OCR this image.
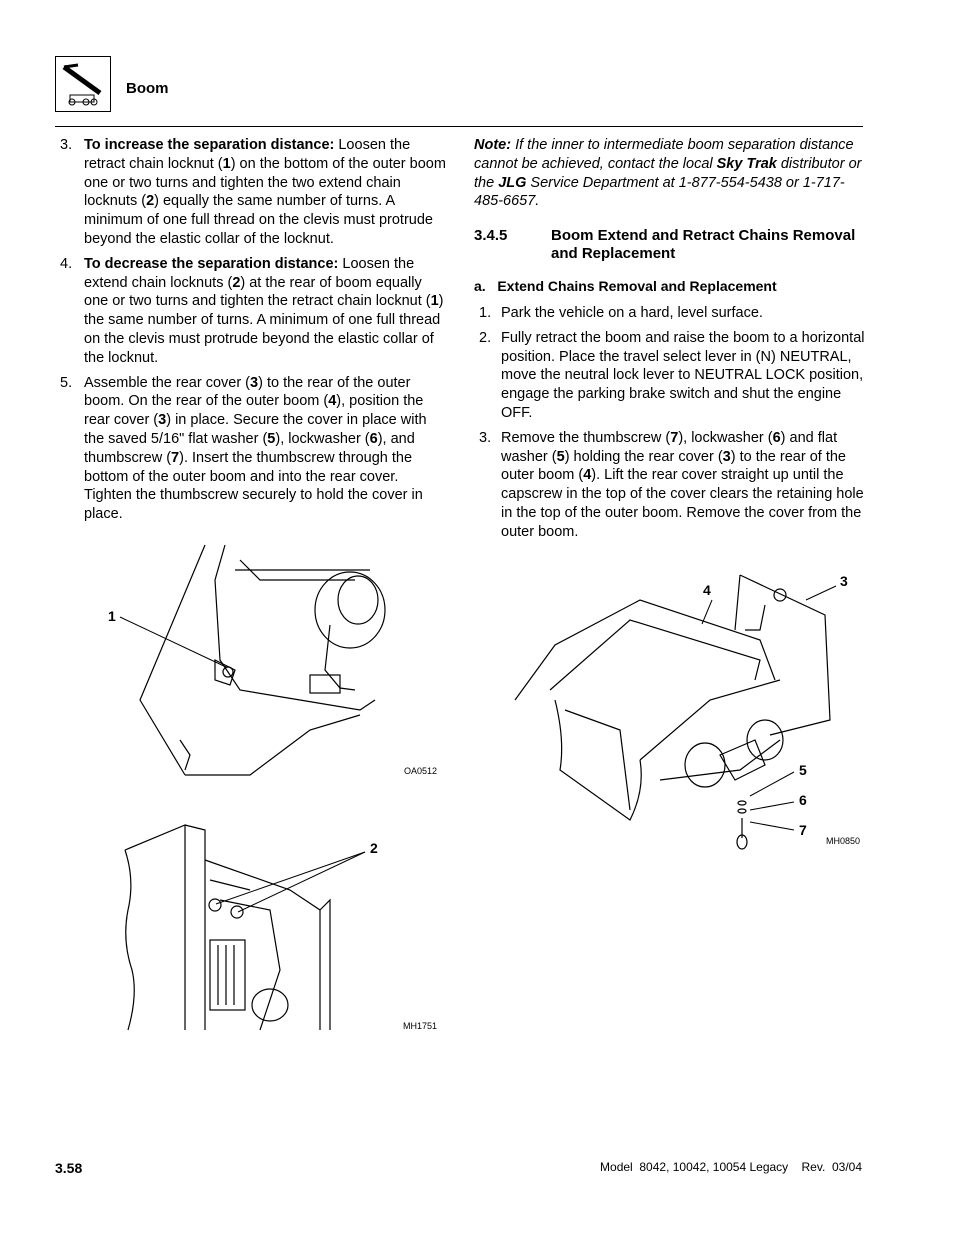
Boom
3. To increase the separation distance: Loosen the retract chain locknut (1) on the bottom of the outer boom one or two turns and tighten the two extend chain locknuts (2) equally the same number of turns. A minimum of one full thread on the clevis must protrude beyond the elastic collar of the locknut.
4. To decrease the separation distance: Loosen the extend chain locknuts (2) at the rear of boom equally one or two turns and tighten the retract chain locknut (1) the same number of turns. A minimum of one full thread on the clevis must protrude beyond the elastic collar of the locknut.
5. Assemble the rear cover (3) to the rear of the outer boom. On the rear of the outer boom (4), position the rear cover (3) in place. Secure the cover in place with the saved 5/16" flat washer (5), lockwasher (6), and thumbscrew (7). Insert the thumbscrew through the bottom of the outer boom and into the rear cover. Tighten the thumbscrew securely to hold the cover in place.
Note: If the inner to intermediate boom separation distance cannot be achieved, contact the local Sky Trak distributor or the JLG Service Department at 1-877-554-5438 or 1-717-485-6657.
3.4.5	Boom Extend and Retract Chains Removal and Replacement
a.   Extend Chains Removal and Replacement
1. Park the vehicle on a hard, level surface.
2. Fully retract the boom and raise the boom to a horizontal position. Place the travel select lever in (N) NEUTRAL, move the neutral lock lever to NEUTRAL LOCK position, engage the parking brake switch and shut the engine OFF.
3. Remove the thumbscrew (7), lockwasher (6) and flat washer (5) holding the rear cover (3) to the rear of the outer boom (4). Lift the rear cover straight up until the capscrew in the top of the cover clears the retaining hole in the top of the outer boom. Remove the cover from the outer boom.
1
OA0512
2
MH1751
4
3
5
6
7
MH0850
3.58	Model  8042, 10042, 10054 Legacy    Rev.  03/04
